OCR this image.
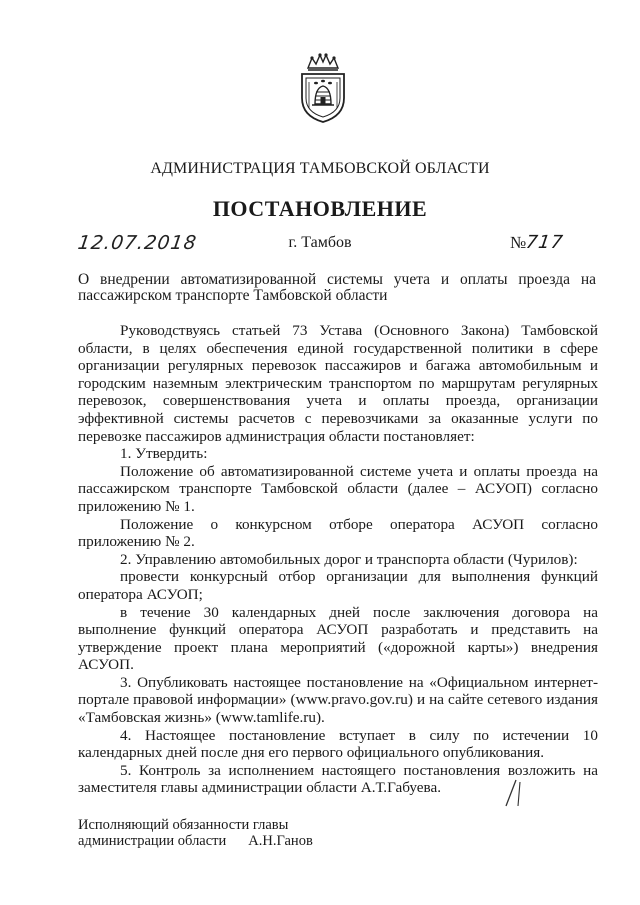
АДМИНИСТРАЦИЯ ТАМБОВСКОЙ ОБЛАСТИ
ПОСТАНОВЛЕНИЕ
12.07.2018	г. Тамбов	№717
О внедрении автоматизированной системы учета и оплаты проезда на
пассажирском транспорте Тамбовской области

Руководствуясь статьей 73 Устава (Основного Закона) Тамбовской области, в целях обеспечения единой государственной политики в сфере организации регулярных перевозок пассажиров и багажа автомобильным и городским наземным электрическим транспортом по маршрутам регулярных перевозок, совершенствования учета и оплаты проезда, организации эффективной системы расчетов с перевозчиками за оказанные услуги по перевозке пассажиров администрация области постановляет:

1. Утвердить:

Положение об автоматизированной системе учета и оплаты проезда на пассажирском транспорте Тамбовской области (далее – АСУОП) согласно приложению № 1.

Положение о конкурсном отборе оператора АСУОП согласно приложению № 2.

2. Управлению автомобильных дорог и транспорта области (Чурилов):

провести конкурсный отбор организации для выполнения функций оператора АСУОП;

в течение 30 календарных дней после заключения договора на выполнение функций оператора АСУОП разработать и представить на утверждение проект плана мероприятий («дорожной карты») внедрения АСУОП.

3. Опубликовать настоящее постановление на «Официальном интернет-портале правовой информации» (www.pravo.gov.ru) и на сайте сетевого издания «Тамбовская жизнь» (www.tamlife.ru).

4. Настоящее постановление вступает в силу по истечении 10 календарных дней после дня его первого официального опубликования.

5. Контроль за исполнением настоящего постановления возложить на заместителя главы администрации области А.Т.Габуева.

Исполняющий обязанности главы
администрации области А.Н.Ганов
